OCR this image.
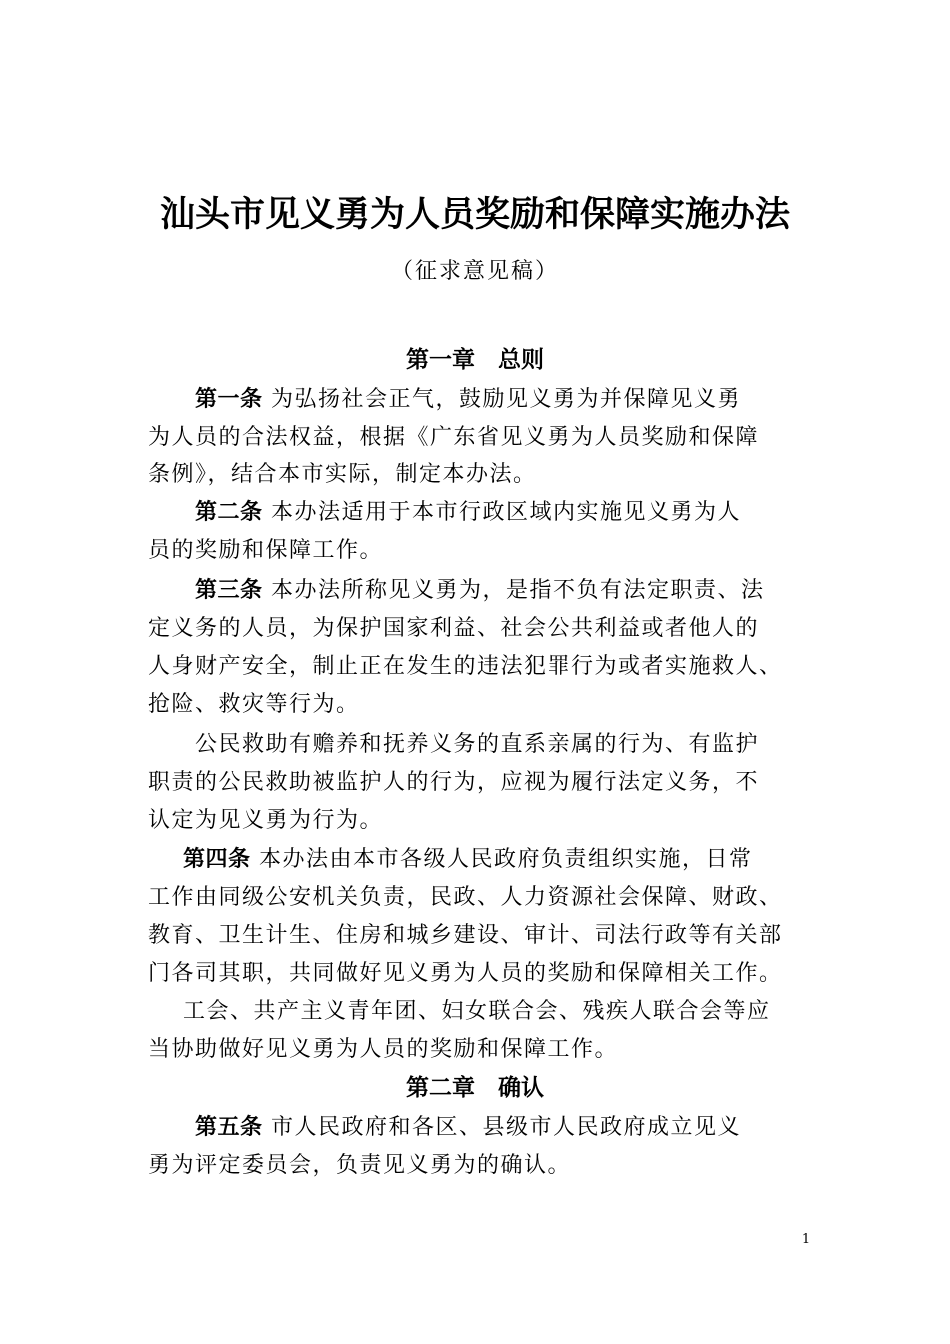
汕头市见义勇为人员奖励和保障实施办法
（征求意见稿）
第一章　总则
第一条 为弘扬社会正气，鼓励见义勇为并保障见义勇
为人员的合法权益，根据《广东省见义勇为人员奖励和保障
条例》，结合本市实际，制定本办法。
第二条 本办法适用于本市行政区域内实施见义勇为人
员的奖励和保障工作。
第三条 本办法所称见义勇为，是指不负有法定职责、法
定义务的人员，为保护国家利益、社会公共利益或者他人的
人身财产安全，制止正在发生的违法犯罪行为或者实施救人、
抢险、救灾等行为。
公民救助有赡养和抚养义务的直系亲属的行为、有监护
职责的公民救助被监护人的行为，应视为履行法定义务，不
认定为见义勇为行为。
第四条 本办法由本市各级人民政府负责组织实施，日常
工作由同级公安机关负责，民政、人力资源社会保障、财政、
教育、卫生计生、住房和城乡建设、审计、司法行政等有关部
门各司其职，共同做好见义勇为人员的奖励和保障相关工作。
工会、共产主义青年团、妇女联合会、残疾人联合会等应
当协助做好见义勇为人员的奖励和保障工作。
第二章　确认
第五条 市人民政府和各区、县级市人民政府成立见义
勇为评定委员会，负责见义勇为的确认。
1
